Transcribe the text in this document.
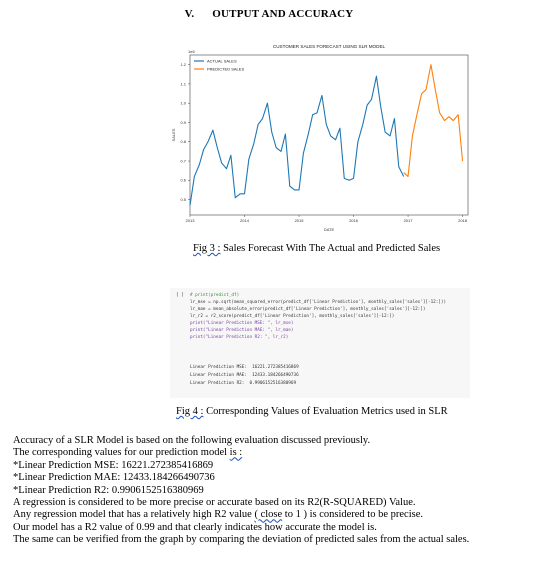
V. OUTPUT AND ACCURACY
CUSTOMER SALES FORECAST USING SLR MODEL
1e6
0.5
0.6
0.7
0.8
0.9
1.0
1.1
1.2
2013	2014	2015	2016	2017	2018
DATE
SALES
ACTUAL SALES
PREDICTED SALES
Fig 3 : Sales Forecast With The Actual and Predicted Sales
[ ] # print(predict_df)
lr_mse = np.sqrt(mean_squared_error(predict_df['Linear Prediction'], monthly_sales['sales'][-12:]))
lr_mae = mean_absolute_error(predict_df['Linear Prediction'], monthly_sales['sales'][-12:])
lr_r2 = r2_score(predict_df['Linear Prediction'], monthly_sales['sales'][-12:])
print("Linear Prediction MSE: ", lr_mse)
print("Linear Prediction MAE: ", lr_mae)
print("Linear Prediction R2: ", lr_r2)
Linear Prediction MSE:  16221.272385416869
Linear Prediction MAE:  12433.184266490736
Linear Prediction R2:  0.9906152516380969
Fig 4 : Corresponding Values of Evaluation Metrics used in SLR

Accuracy of a SLR Model is based on the following evaluation discussed previously.

The corresponding values for our prediction model is :

*Linear Prediction MSE: 16221.272385416869

*Linear Prediction MAE: 12433.184266490736

*Linear Prediction R2: 0.9906152516380969

A regression is considered to be more precise or accurate based on its R2(R-SQUARED) Value.

Any regression model that has a relatively high R2 value ( close to 1 ) is considered to be precise.

Our model has a R2 value of 0.99 and that clearly indicates how accurate the model is.

The same can be verified from the graph by comparing the deviation of predicted sales from the actual sales.
